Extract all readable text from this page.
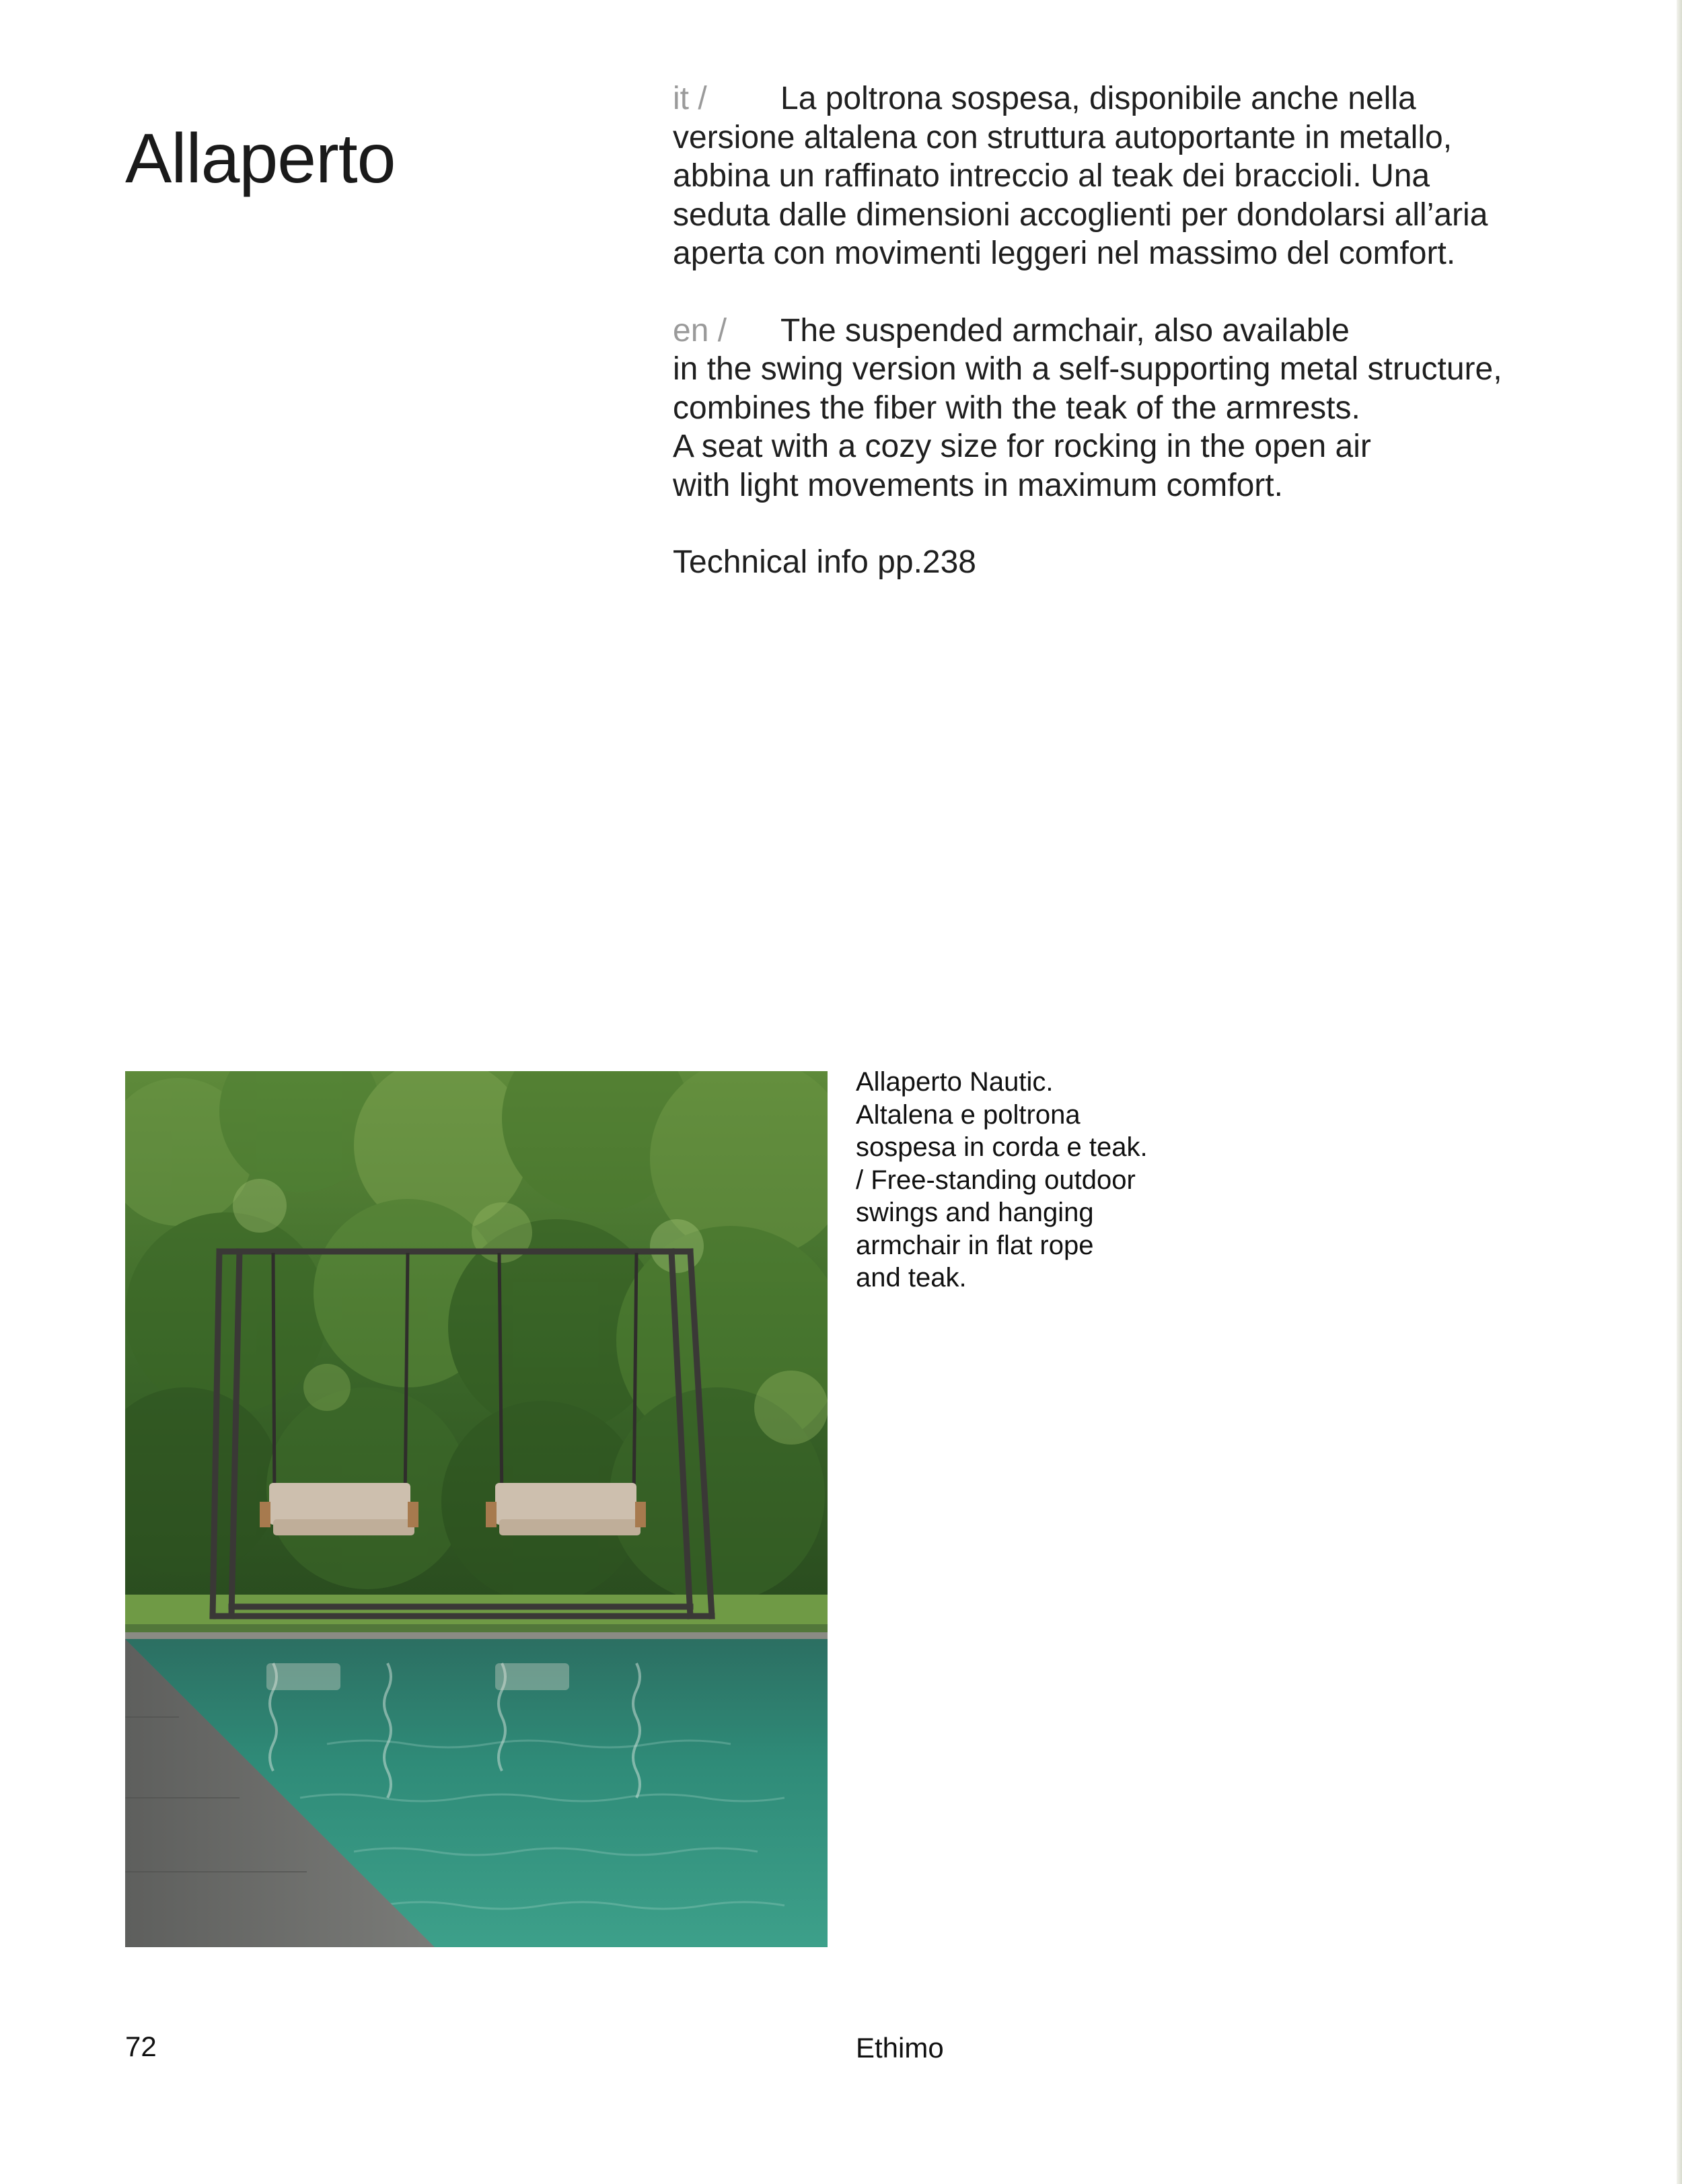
Allaperto

it / La poltrona sospesa, disponibile anche nella
versione altalena con struttura autoportante in metallo,
abbina un raffinato intreccio al teak dei braccioli. Una
seduta dalle dimensioni accoglienti per dondolarsi all’aria
aperta con movimenti leggeri nel massimo del comfort.

en / The suspended armchair, also available
in the swing version with a self-supporting metal structure,
combines the fiber with the teak of the armrests.
A seat with a cozy size for rocking in the open air
with light movements in maximum comfort.

Technical info pp.238

Allaperto Nautic.
Altalena e poltrona
sospesa in corda e teak.
/ Free-standing outdoor
swings and hanging
armchair in flat rope
and teak.
72	Ethimo
